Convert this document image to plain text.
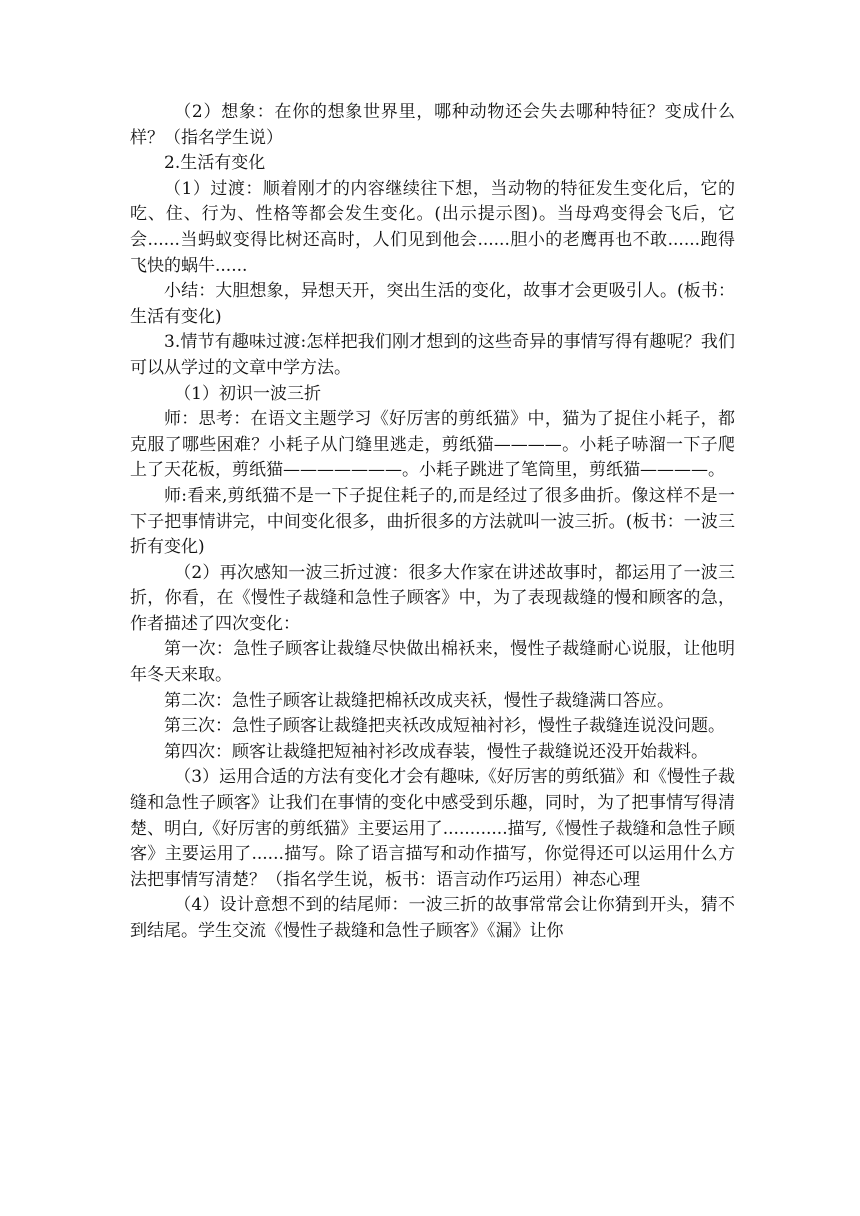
（2）想象：在你的想象世界里，哪种动物还会失去哪种特征？变成什么样？（指名学生说）

2.生活有变化

（1）过渡：顺着刚才的内容继续往下想，当动物的特征发生变化后，它的吃、住、行为、性格等都会发生变化。(出示提示图)。当母鸡变得会飞后，它会......当蚂蚁变得比树还高时，人们见到他会......胆小的老鹰再也不敢......跑得飞快的蜗牛......

小结：大胆想象，异想天开，突出生活的变化，故事才会更吸引人。(板书：生活有变化)

3.情节有趣味过渡:怎样把我们刚才想到的这些奇异的事情写得有趣呢？我们可以从学过的文章中学方法。

（1）初识一波三折

师：思考：在语文主题学习《好厉害的剪纸猫》中，猫为了捉住小耗子，都克服了哪些困难？小耗子从门缝里逃走，剪纸猫————。小耗子哧溜一下子爬上了天花板，剪纸猫———————。小耗子跳进了笔筒里，剪纸猫————。

师:看来,剪纸猫不是一下子捉住耗子的,而是经过了很多曲折。像这样不是一下子把事情讲完，中间变化很多，曲折很多的方法就叫一波三折。(板书：一波三折有变化)

（2）再次感知一波三折过渡：很多大作家在讲述故事时，都运用了一波三折，你看，在《慢性子裁缝和急性子顾客》中，为了表现裁缝的慢和顾客的急，作者描述了四次变化：

第一次：急性子顾客让裁缝尽快做出棉袄来，慢性子裁缝耐心说服，让他明年冬天来取。

第二次：急性子顾客让裁缝把棉袄改成夹袄，慢性子裁缝满口答应。

第三次：急性子顾客让裁缝把夹袄改成短袖衬衫，慢性子裁缝连说没问题。

第四次：顾客让裁缝把短袖衬衫改成春装，慢性子裁缝说还没开始裁料。

（3）运用合适的方法有变化才会有趣味,《好厉害的剪纸猫》和《慢性子裁缝和急性子顾客》让我们在事情的变化中感受到乐趣，同时，为了把事情写得清楚、明白,《好厉害的剪纸猫》主要运用了............描写,《慢性子裁缝和急性子顾客》主要运用了......描写。除了语言描写和动作描写，你觉得还可以运用什么方法把事情写清楚？（指名学生说，板书：语言动作巧运用）神态心理

（4）设计意想不到的结尾师：一波三折的故事常常会让你猜到开头，猜不到结尾。学生交流《慢性子裁缝和急性子顾客》《漏》让你
